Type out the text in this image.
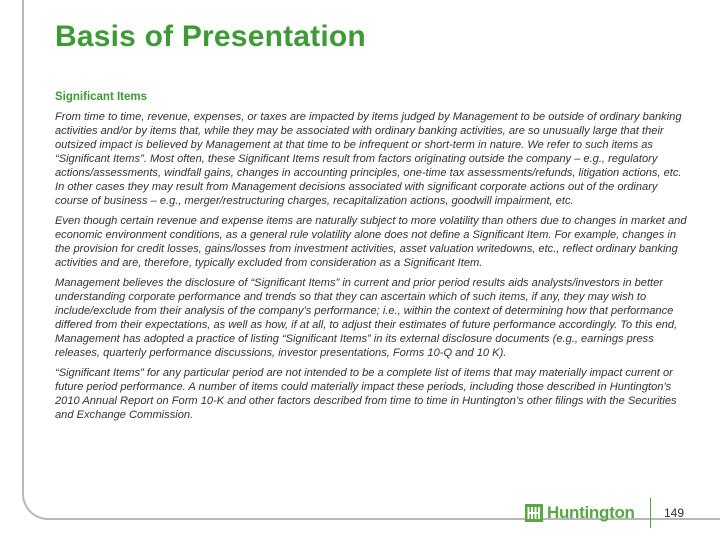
Basis of Presentation
Significant Items

From time to time, revenue, expenses, or taxes are impacted by items judged by Management to be outside of ordinary banking activities and/or by items that, while they may be associated with ordinary banking activities, are so unusually large that their outsized impact is believed by Management at that time to be infrequent or short-term in nature. We refer to such items as “Significant Items”. Most often, these Significant Items result from factors originating outside the company – e.g., regulatory actions/assessments, windfall gains, changes in accounting principles, one-time tax assessments/refunds, litigation actions, etc. In other cases they may result from Management decisions associated with significant corporate actions out of the ordinary course of business – e.g., merger/restructuring charges, recapitalization actions, goodwill impairment, etc.

Even though certain revenue and expense items are naturally subject to more volatility than others due to changes in market and economic environment conditions, as a general rule volatility alone does not define a Significant Item. For example, changes in the provision for credit losses, gains/losses from investment activities, asset valuation writedowns, etc., reflect ordinary banking activities and are, therefore, typically excluded from consideration as a Significant Item.

Management believes the disclosure of “Significant Items” in current and prior period results aids analysts/investors in better understanding corporate performance and trends so that they can ascertain which of such items, if any, they may wish to include/exclude from their analysis of the company’s performance; i.e., within the context of determining how that performance differed from their expectations, as well as how, if at all, to adjust their estimates of future performance accordingly. To this end, Management has adopted a practice of listing “Significant Items” in its external disclosure documents (e.g., earnings press releases, quarterly performance discussions, investor presentations, Forms 10-Q and 10 K).

“Significant Items” for any particular period are not intended to be a complete list of items that may materially impact current or future period performance. A number of items could materially impact these periods, including those described in Huntington’s 2010 Annual Report on Form 10-K and other factors described from time to time in Huntington’s other filings with the Securities and Exchange Commission.

Huntington 149
